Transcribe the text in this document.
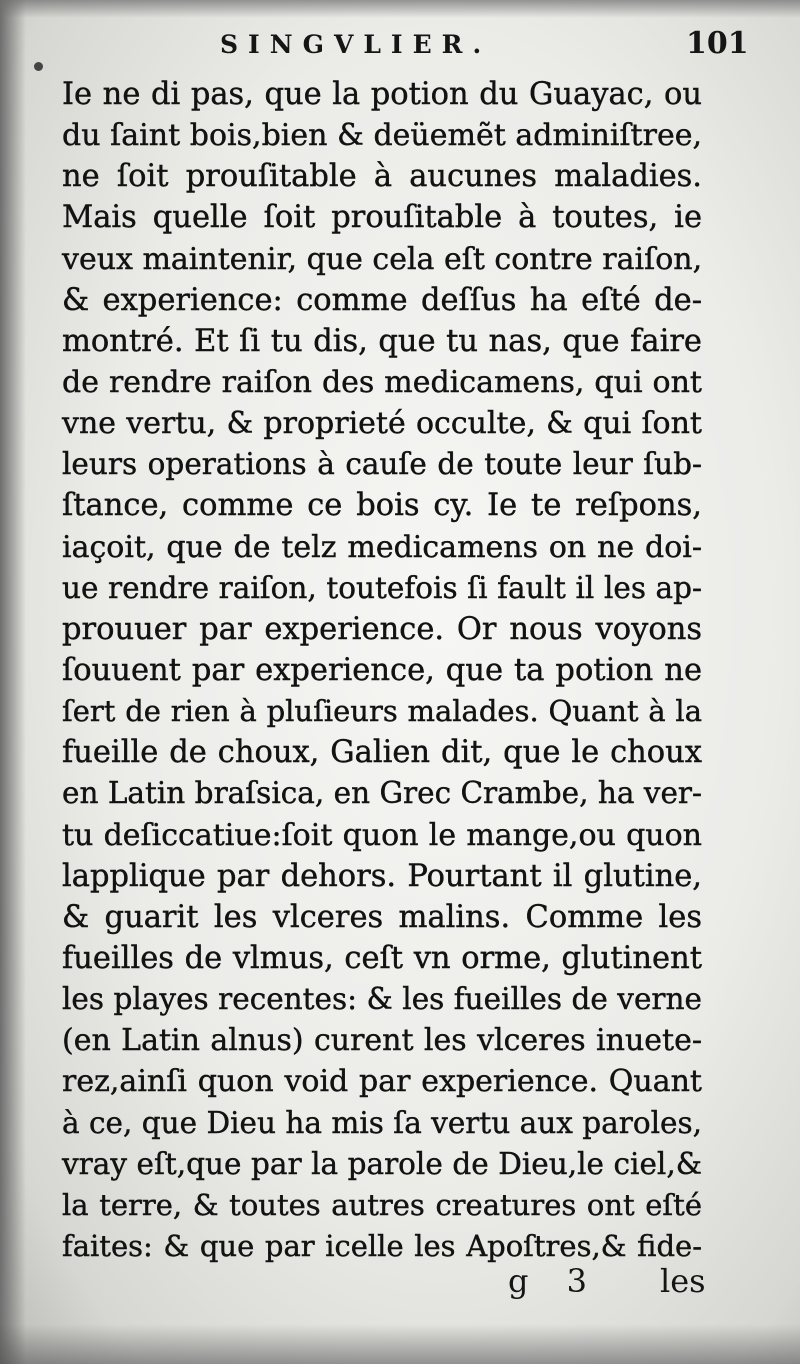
SINGVLIER.	101
Ie ne di pas, que la potion du Guayac, ou
du ſaint bois,bien & deüemẽt adminiſtree,
ne ſoit prouſitable à aucunes maladies.
Mais quelle ſoit prouſitable à toutes, ie
veux maintenir, que cela eſt contre raiſon,
& experience: comme deſſus ha eſté de-
montré. Et ſi tu dis, que tu nas, que faire
de rendre raiſon des medicamens, qui ont
vne vertu, & proprieté occulte, & qui ſont
leurs operations à cauſe de toute leur ſub-
ſtance, comme ce bois cy. Ie te reſpons,
iaçoit, que de telz medicamens on ne doi-
ue rendre raiſon, toutefois ſi fault il les ap-
prouuer par experience. Or nous voyons
ſouuent par experience, que ta potion ne
ſert de rien à pluſieurs malades. Quant à la
fueille de choux, Galien dit, que le choux
en Latin braſsica, en Grec Crambe, ha ver-
tu deſiccatiue:ſoit quon le mange,ou quon
lapplique par dehors. Pourtant il glutine,
& guarit les vlceres malins. Comme les
fueilles de vlmus, ceſt vn orme, glutinent
les playes recentes: & les fueilles de verne
(en Latin alnus) curent les vlceres inuete-
rez,ainſi quon void par experience. Quant
à ce, que Dieu ha mis ſa vertu aux paroles,
vray eſt,que par la parole de Dieu,le ciel,&
la terre, & toutes autres creatures ont eſté
faites: & que par icelle les Apoſtres,& fide-
g 3 les
